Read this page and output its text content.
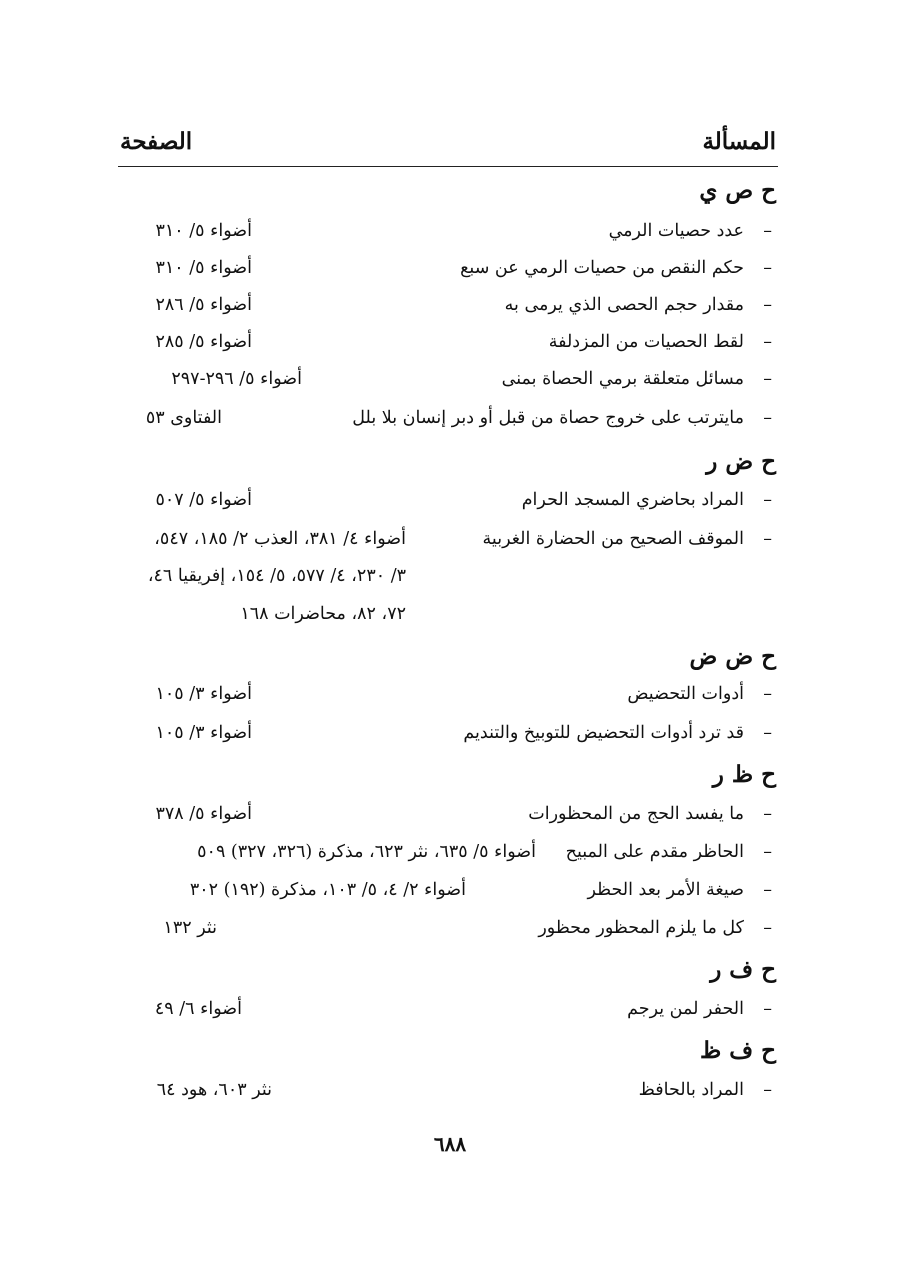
المسألة
الصفحة
ح ص ي
–
عدد حصيات الرمي
أضواء ٥/ ٣١٠
–
حكم النقص من حصيات الرمي عن سبع
أضواء ٥/ ٣١٠
–
مقدار حجم الحصى الذي يرمى به
أضواء ٥/ ٢٨٦
–
لقط الحصيات من المزدلفة
أضواء ٥/ ٢٨٥
–
مسائل متعلقة برمي الحصاة بمنى
أضواء ٥/ ٢٩٦-٢٩٧
–
مايترتب على خروج حصاة من قبل أو دبر إنسان بلا بلل
الفتاوى ٥٣
ح ض ر
–
المراد بحاضري المسجد الحرام
أضواء ٥/ ٥٠٧
–
الموقف الصحيح من الحضارة الغربية
أضواء ٤/ ٣٨١، العذب ٢/ ١٨٥، ٥٤٧،
٣/ ٢٣٠، ٤/ ٥٧٧، ٥/ ١٥٤، إفريقيا ٤٦،
٧٢، ٨٢، محاضرات ١٦٨
ح ض ض
–
أدوات التحضيض
أضواء ٣/ ١٠٥
–
قد ترد أدوات التحضيض للتوبيخ والتنديم
أضواء ٣/ ١٠٥
ح ظ ر
–
ما يفسد الحج من المحظورات
أضواء ٥/ ٣٧٨
–
الحاظر مقدم على المبيح
أضواء ٥/ ٦٣٥، نثر ٦٢٣، مذكرة (٣٢٦، ٣٢٧) ٥٠٩
–
صيغة الأمر بعد الحظر
أضواء ٢/ ٤، ٥/ ١٠٣، مذكرة (١٩٢) ٣٠٢
–
كل ما يلزم المحظور محظور
نثر ١٣٢
ح ف ر
–
الحفر لمن يرجم
أضواء ٦/ ٤٩
ح ف ظ
–
المراد بالحافظ
نثر ٦٠٣، هود ٦٤
٦٨٨
